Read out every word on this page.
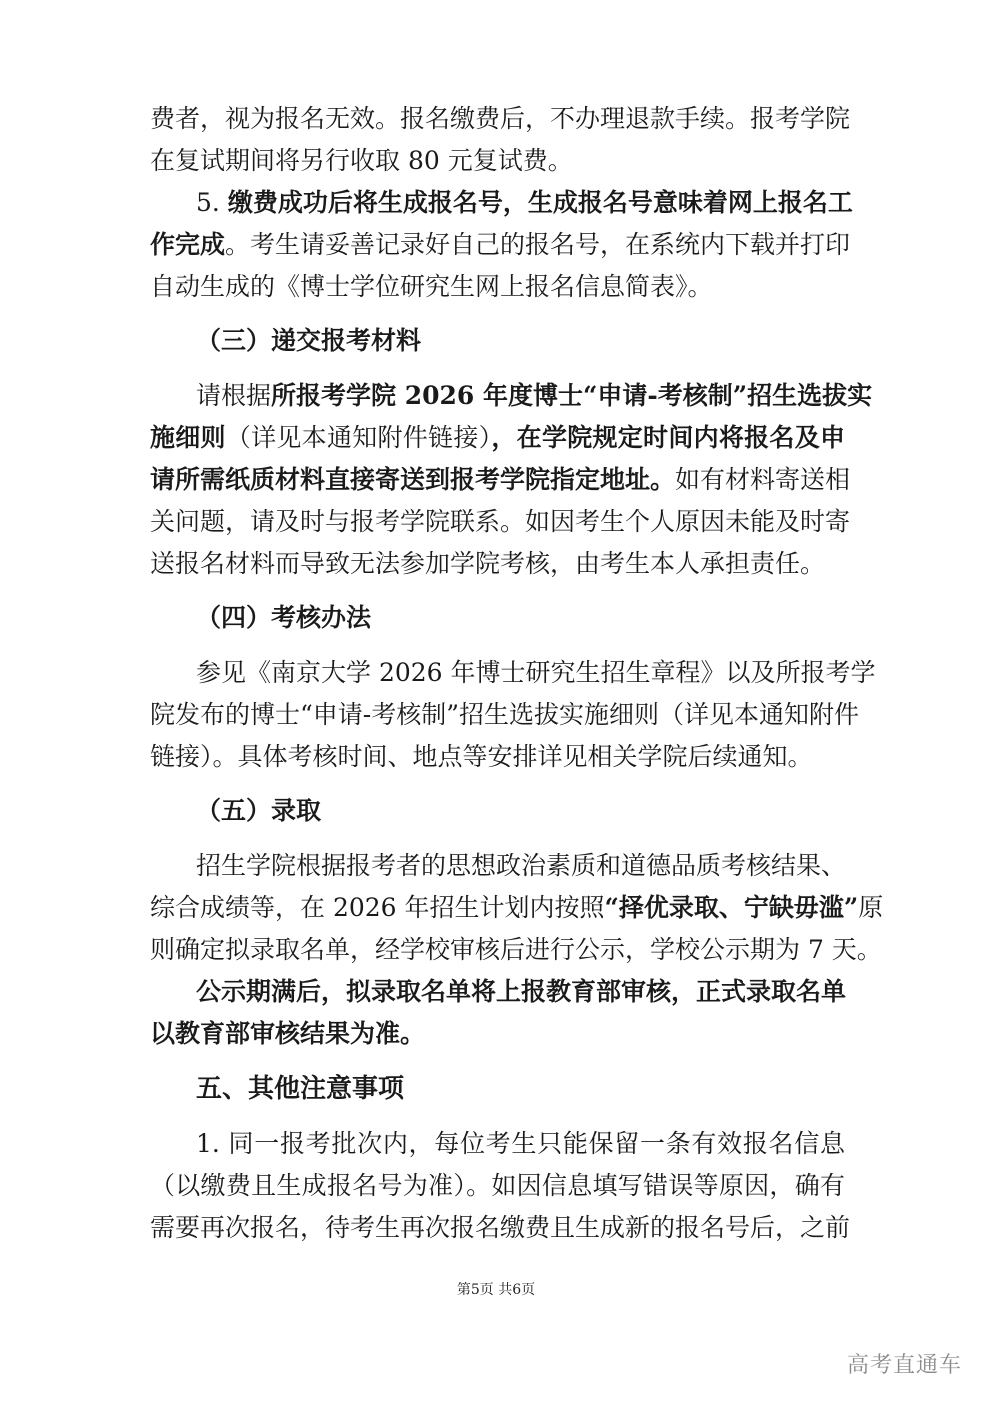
费者，视为报名无效。报名缴费后，不办理退款手续。报考学院
在复试期间将另行收取 80 元复试费。
5. 缴费成功后将生成报名号，生成报名号意味着网上报名工
作完成。考生请妥善记录好自己的报名号，在系统内下载并打印
自动生成的《博士学位研究生网上报名信息简表》。
（三）递交报考材料
请根据所报考学院 2026 年度博士“申请-考核制”招生选拔实
施细则（详见本通知附件链接），在学院规定时间内将报名及申
请所需纸质材料直接寄送到报考学院指定地址。如有材料寄送相
关问题，请及时与报考学院联系。如因考生个人原因未能及时寄
送报名材料而导致无法参加学院考核，由考生本人承担责任。
（四）考核办法
参见《南京大学 2026 年博士研究生招生章程》以及所报考学
院发布的博士“申请-考核制”招生选拔实施细则（详见本通知附件
链接）。具体考核时间、地点等安排详见相关学院后续通知。
（五）录取
招生学院根据报考者的思想政治素质和道德品质考核结果、
综合成绩等，在 2026 年招生计划内按照“择优录取、宁缺毋滥”原
则确定拟录取名单，经学校审核后进行公示，学校公示期为 7 天。
公示期满后，拟录取名单将上报教育部审核，正式录取名单
以教育部审核结果为准。
五、其他注意事项
1. 同一报考批次内，每位考生只能保留一条有效报名信息
（以缴费且生成报名号为准）。如因信息填写错误等原因，确有
需要再次报名，待考生再次报名缴费且生成新的报名号后，之前
第5页 共6页
高考直通车
